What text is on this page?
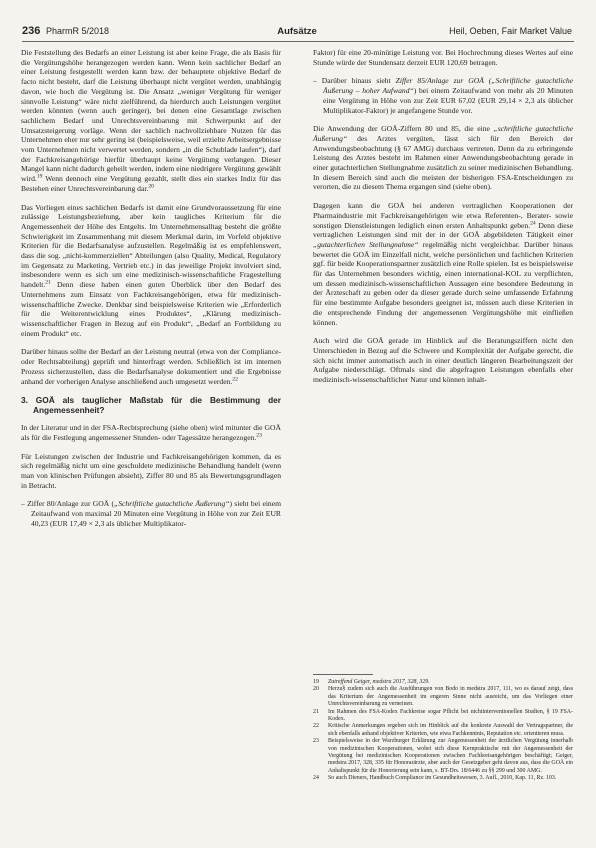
236 PharmR 5/2018	Aufsätze	Heil, Oeben, Fair Market Value

Die Feststellung des Bedarfs an einer Leistung ist aber keine Frage, die als Basis für die Vergütungshöhe herangezogen werden kann. Wenn kein sachlicher Bedarf an einer Leistung festgestellt werden kann bzw. der behauptete objektive Bedarf de facto nicht besteht, darf die Leistung überhaupt nicht vergütet werden, unabhängig davon, wie hoch die Vergütung ist. Die Ansatz „weniger Vergütung für weniger sinnvolle Leistung“ wäre nicht zielführend, da hierdurch auch Leistungen vergütet werden könnten (wenn auch geringer), bei denen eine Gesamtlage zwischen sachlichem Bedarf und Unrechtsvereinbarung mit Schwerpunkt auf der Umsatzsteigerung vorläge. Wenn der sachlich nachvollziehbare Nutzen für das Unternehmen eher nur sehr gering ist (beispielsweise, weil erzielte Arbeitsergebnisse vom Unternehmen nicht verwertet werden, sondern „in die Schublade laufen“), darf der Fachkreisangehörige hierfür überhaupt keine Vergütung verlangen. Dieser Mangel kann nicht dadurch geheilt werden, indem eine niedrigere Vergütung gewählt wird.$^{19}$ Wenn dennoch eine Vergütung gezahlt, stellt dies ein starkes Indiz für das Bestehen einer Unrechtsvereinbarung dar.$^{20}$

Das Vorliegen eines sachlichen Bedarfs ist damit eine Grundvoraussetzung für eine zulässige Leistungsbeziehung, aber kein taugliches Kriterium für die Angemessenheit der Höhe des Entgelts. Im Unternehmensalltag besteht die größte Schwierigkeit im Zusammenhang mit diesem Merkmal darin, im Vorfeld objektive Kriterien für die Bedarfsanalyse aufzustellen. Regelmäßig ist es empfehlenswert, dass die sog. „nicht-kommerziellen“ Abteilungen (also Quality, Medical, Regulatory im Gegensatz zu Marketing, Vertrieb etc.) in das jeweilige Projekt involviert sind, insbesondere wenn es sich um eine medizinisch-wissenschaftliche Fragestellung handelt.$^{21}$ Denn diese haben einen guten Überblick über den Bedarf des Unternehmens zum Einsatz von Fachkreisangehörigen, etwa für medizinisch-wissenschaftliche Zwecke. Denkbar sind beispielsweise Kriterien wie „Erforderlich für die Weiterentwicklung eines Produktes“, „Klärung medizinisch-wissenschaftlicher Fragen in Bezug auf ein Produkt“, „Bedarf an Fortbildung zu einem Produkt“ etc.

Darüber hinaus sollte der Bedarf an der Leistung neutral (etwa von der Compliance- oder Rechtsabteilung) geprüft und hinterfragt werden. Schließlich ist im internen Prozess sicherzustellen, dass die Bedarfsanalyse dokumentiert und die Ergebnisse anhand der vorherigen Analyse anschließend auch umgesetzt werden.$^{22}$

3. GOÄ als tauglicher Maßstab für die Bestimmung der Angemessenheit?

In der Literatur und in der FSA-Rechtsprechung (siehe oben) wird mitunter die GOÄ als für die Festlegung angemessener Stunden- oder Tagessätze herangezogen.$^{23}$

Für Leistungen zwischen der Industrie und Fachkreisangehörigen kommen, da es sich regelmäßig nicht um eine geschuldete medizinische Behandlung handelt (wenn man von klinischen Prüfungen absieht), Ziffer 80 und 85 als Bewertungsgrundlagen in Betracht.

– Ziffer 80/Anlage zur GOÄ („Schriftliche gutachtliche Äußerung“) sieht bei einem Zeitaufwand von maximal 20 Minuten eine Vergütung in Höhe von zur Zeit EUR 40,23 (EUR 17,49 × 2,3 als üblicher Multiplikator-

Faktor) für eine 20-minütige Leistung vor. Bei Hochrechnung dieses Wertes auf eine Stunde würde der Stundensatz derzeit EUR 120,69 betragen.

– Darüber hinaus sieht Ziffer 85/Anlage zur GOÄ („Schriftliche gutachtliche Äußerung – hoher Aufwand“) bei einem Zeitaufwand von mehr als 20 Minuten eine Vergütung in Höhe von zur Zeit EUR 67,02 (EUR 29,14 × 2,3 als üblicher Multiplikator-Faktor) je angefangene Stunde vor.

Die Anwendung der GOÄ-Ziffern 80 und 85, die eine „schriftliche gutachtliche Äußerung“ des Arztes vergüten, lässt sich für den Bereich der Anwendungsbeobachtung (§ 67 AMG) durchaus vertreten. Denn da zu erbringende Leistung des Arztes besteht im Rahmen einer Anwendungsbeobachtung gerade in einer gutachterlichen Stellungnahme zusätzlich zu seiner medizinischen Behandlung. In diesem Bereich sind auch die meisten der bisherigen FSA-Entscheidungen zu verorten, die zu diesem Thema ergangen sind (siehe oben).

Dagegen kann die GOÄ bei anderen vertraglichen Kooperationen der Pharmaindustrie mit Fachkreisangehörigen wie etwa Referenten-, Berater- sowie sonstigen Dienstleistungen lediglich einen ersten Anhaltspunkt geben.$^{24}$ Denn diese vertraglichen Leistungen sind mit der in der GOÄ abgebildeten Tätigkeit einer „gutachterlichen Stellungnahme“ regelmäßig nicht vergleichbar. Darüber hinaus bewertet die GOÄ im Einzelfall nicht, welche persönlichen und fachlichen Kriterien ggf. für beide Kooperationspartner zusätzlich eine Rolle spielen. Ist es beispielsweise für das Unternehmen besonders wichtig, einen international-KOL zu verpflichten, um dessen medizinisch-wissenschaftlichen Aussagen eine besondere Bedeutung in der Ärzteschaft zu geben oder da dieser gerade durch seine umfassende Erfahrung für eine bestimmte Aufgabe besonders geeignet ist, müssen auch diese Kriterien in die entsprechende Findung der angemessenen Vergütungshöhe mit einfließen können.

Auch wird die GOÄ gerade im Hinblick auf die Beratungsziffern nicht den Unterschieden in Bezug auf die Schwere und Komplexität der Aufgabe gerecht, die sich nicht immer automatisch auch in einer deutlich längeren Bearbeitungszeit der Aufgabe niederschlägt. Oftmals sind die abgefragten Leistungen ebenfalls eher medizinisch-wissenschaftlicher Natur und können inhalt-

19	Zutreffend Geiger, medstra 2017, 328, 329.
20	Herzu§ zudem sich auch die Ausführungen von Bodo in medstra 2017, 111, wo es darauf zeigt, dass das Kriterium der Angemessenheit im engeren Sinne nicht ausreicht, um das Vorliegen einer Unrechtsvereinbarung zu verneinen.
21	Im Rahmen des FSA-Kodex Fachkreise sogar Pflicht bei nichtinterventionellen Studien, § 19 FSA-Kodex.
22	Kritische Anmerkungen ergeben sich im Hinblick auf die konkrete Auswahl der Vertragspartner, die sich ebenfalls anhand objektiver Kriterien, wie etwa Fachkenntnis, Reputation etc. orientieren muss.
23	Beispielsweise in der Warzburger Erklärung zur Angemessenheit der ärztlichen Vergütung innerhalb von medizinischen Kooperationen, wobei sich diese Kernpraktische mit der Angemessenheit der Vergütung bei medizinischen Kooperationen zwischen Fachkreisangehörigen beschäftigt; Geiger, medstra 2017, 328, 335 für Honorarärzte, aber auch der Gesetzgeber geht davon aus, dass die GOÄ ein Anhaltspunkt für die Honorierung sein kann, s. BT-Drs. 18/6446 zu §§ 299 und 300 AMG.
24	So auch Dieners, Handbuch Compliance im Gesundheitswesen, 3. Aufl., 2010, Kap. 11, Rz. 103.
